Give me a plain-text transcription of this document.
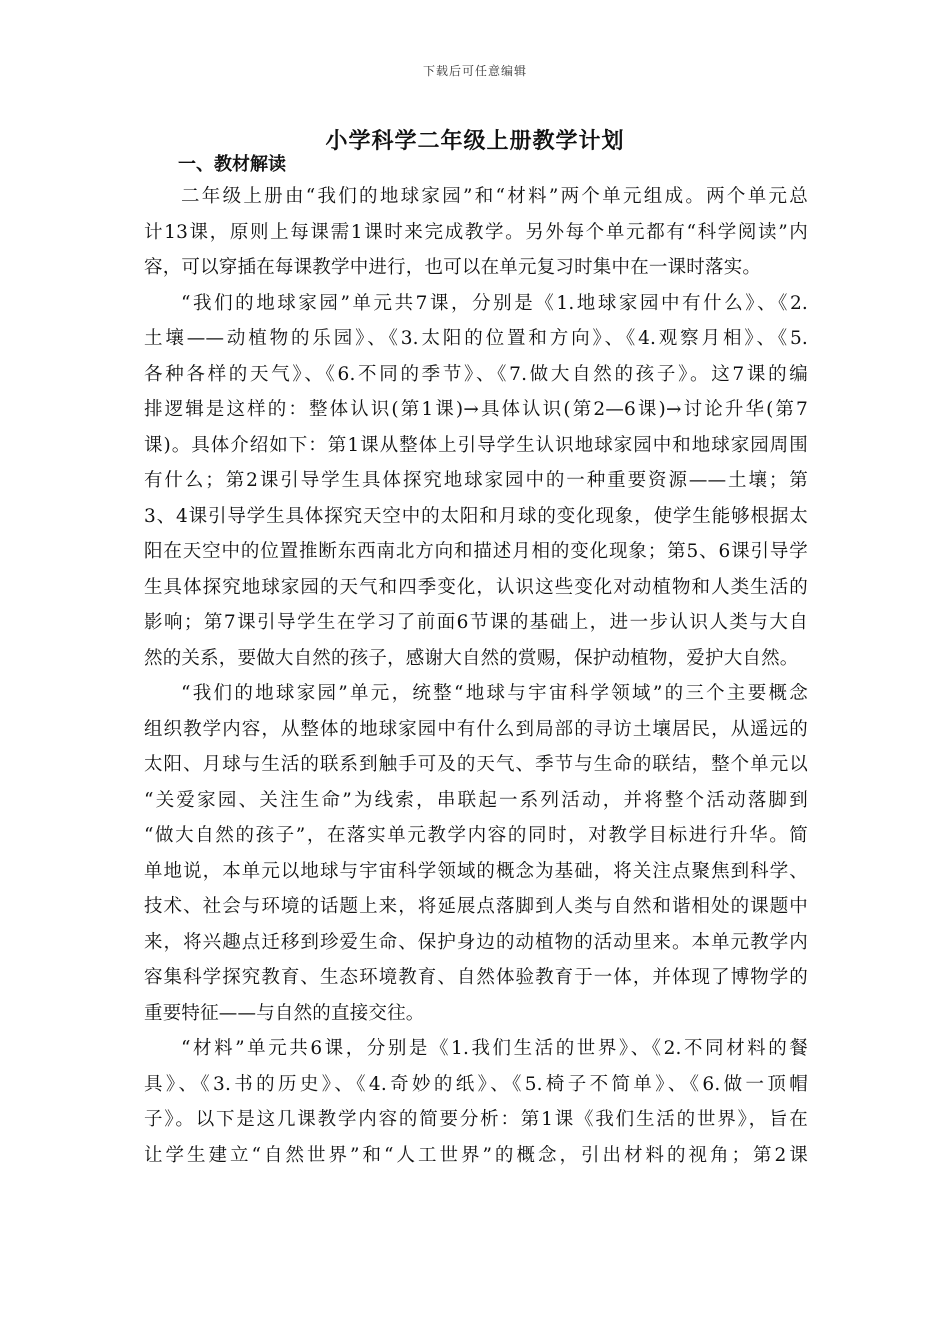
下载后可任意编辑
小学科学二年级上册教学计划
一、教材解读
二年级上册由“我们的地球家园”和“材料”两个单元组成。两个单元总
计13课，原则上每课需1课时来完成教学。另外每个单元都有“科学阅读”内
容，可以穿插在每课教学中进行，也可以在单元复习时集中在一课时落实。
“我们的地球家园”单元共7课，分别是《1.地球家园中有什么》、《2.
土壤——动植物的乐园》、《3.太阳的位置和方向》、《4.观察月相》、《5.
各种各样的天气》、《6.不同的季节》、《7.做大自然的孩子》。这7课的编
排逻辑是这样的：整体认识(第1课)→具体认识(第2—6课)→讨论升华(第7
课)。具体介绍如下：第1课从整体上引导学生认识地球家园中和地球家园周围
有什么；第2课引导学生具体探究地球家园中的一种重要资源——土壤；第
3、4课引导学生具体探究天空中的太阳和月球的变化现象，使学生能够根据太
阳在天空中的位置推断东西南北方向和描述月相的变化现象；第5、6课引导学
生具体探究地球家园的天气和四季变化，认识这些变化对动植物和人类生活的
影响；第7课引导学生在学习了前面6节课的基础上，进一步认识人类与大自
然的关系，要做大自然的孩子，感谢大自然的赏赐，保护动植物，爱护大自然。
“我们的地球家园”单元，统整“地球与宇宙科学领域”的三个主要概念
组织教学内容，从整体的地球家园中有什么到局部的寻访土壤居民，从遥远的
太阳、月球与生活的联系到触手可及的天气、季节与生命的联结，整个单元以
“关爱家园、关注生命”为线索，串联起一系列活动，并将整个活动落脚到
“做大自然的孩子”，在落实单元教学内容的同时，对教学目标进行升华。简
单地说，本单元以地球与宇宙科学领域的概念为基础，将关注点聚焦到科学、
技术、社会与环境的话题上来，将延展点落脚到人类与自然和谐相处的课题中
来，将兴趣点迁移到珍爱生命、保护身边的动植物的活动里来。本单元教学内
容集科学探究教育、生态环境教育、自然体验教育于一体，并体现了博物学的
重要特征——与自然的直接交往。
“材料”单元共6课，分别是《1.我们生活的世界》、《2.不同材料的餐
具》、《3.书的历史》、《4.奇妙的纸》、《5.椅子不简单》、《6.做一顶帽
子》。以下是这几课教学内容的简要分析：第1课《我们生活的世界》，旨在
让学生建立“自然世界”和“人工世界”的概念，引出材料的视角；第2课
